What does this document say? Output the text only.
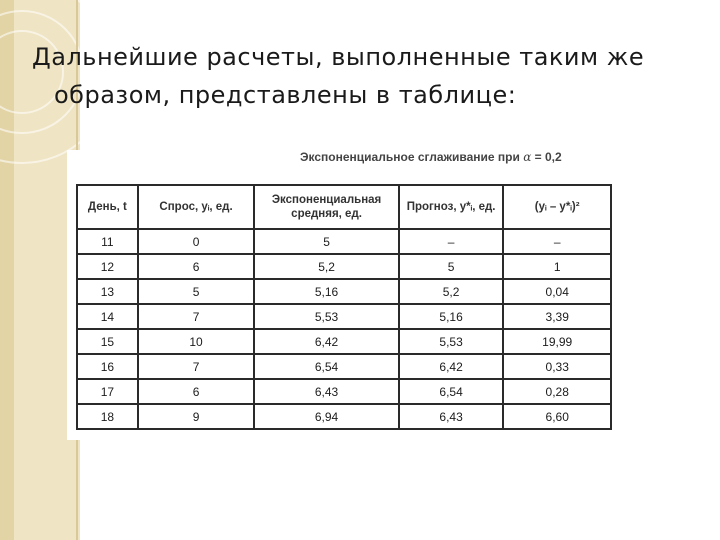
Дальнейшие расчеты, выполненные таким же
образом, представлены в таблице:
Экспоненциальное сглаживание при α = 0,2
День, t	Спрос, yᵢ, ед.	Экспоненциальная средняя, ед.	Прогноз, y*ᵢ, ед.	(yᵢ – y*ᵢ)²
11	0	5	–	–
12	6	5,2	5	1
13	5	5,16	5,2	0,04
14	7	5,53	5,16	3,39
15	10	6,42	5,53	19,99
16	7	6,54	6,42	0,33
17	6	6,43	6,54	0,28
18	9	6,94	6,43	6,60
